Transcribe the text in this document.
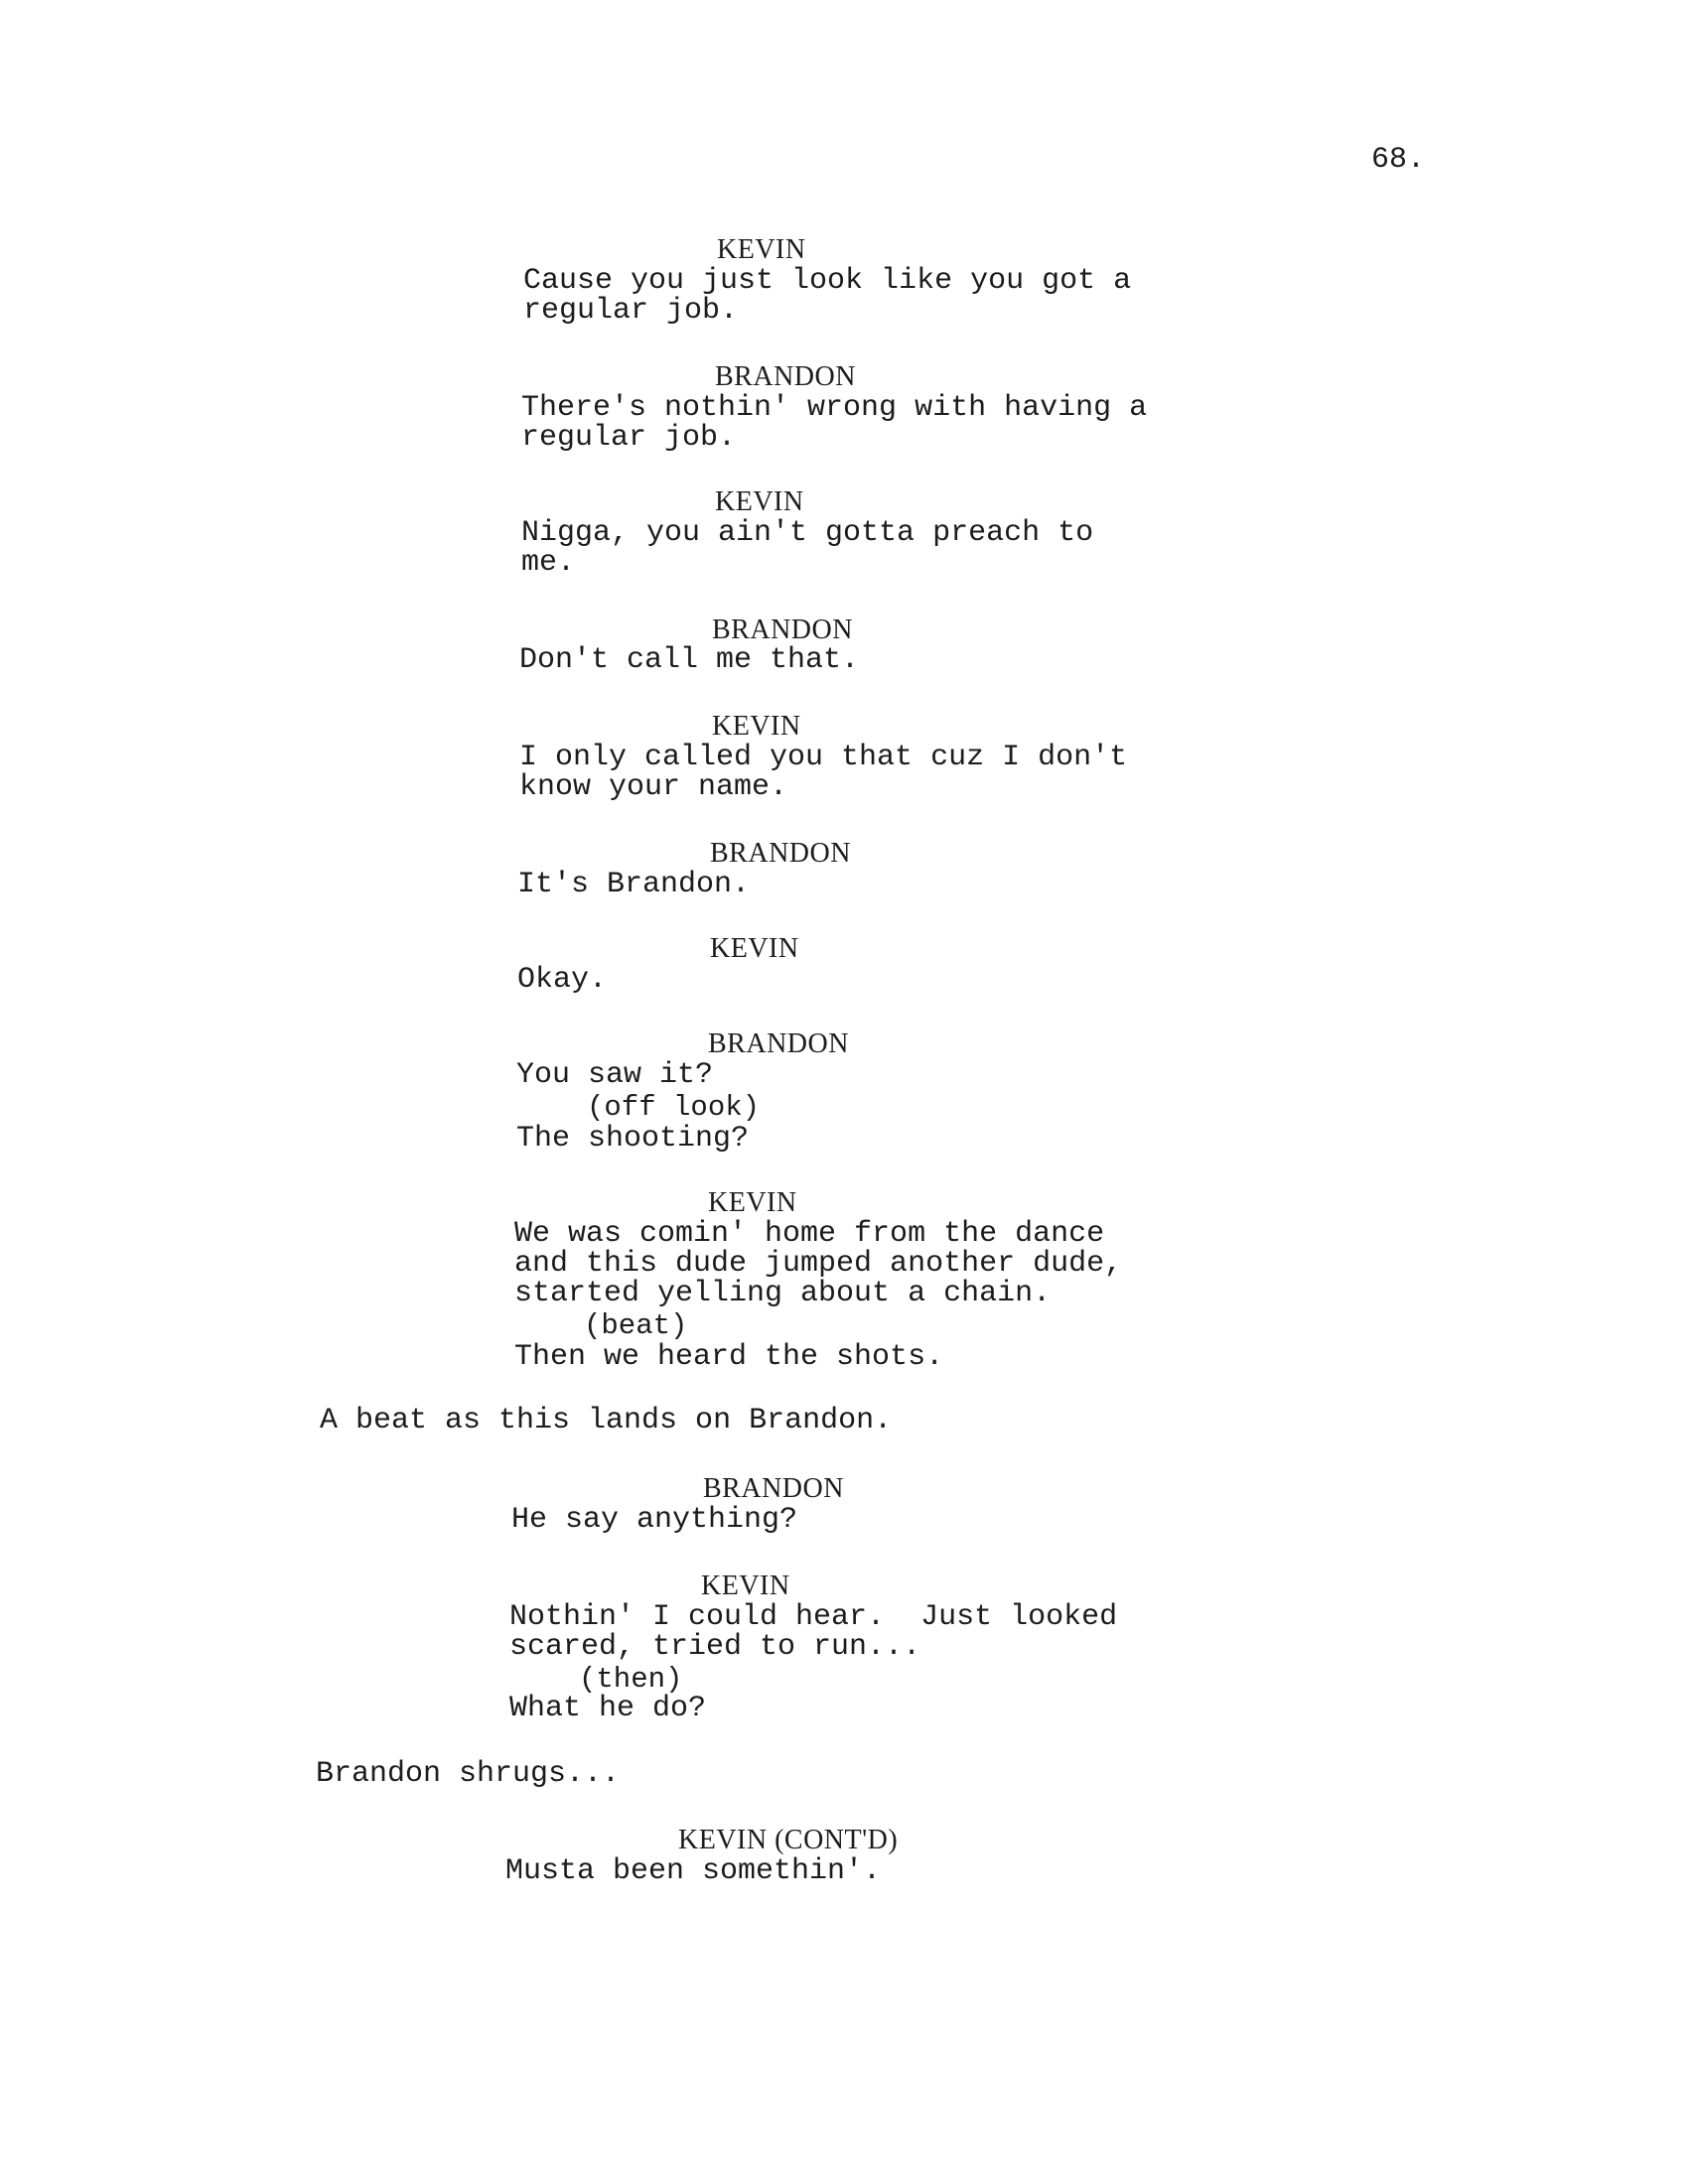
68.
KEVIN
Cause you just look like you got a
regular job.
BRANDON
There's nothin' wrong with having a
regular job.
KEVIN
Nigga, you ain't gotta preach to
me.
BRANDON
Don't call me that.
KEVIN
I only called you that cuz I don't
know your name.
BRANDON
It's Brandon.
KEVIN
Okay.
BRANDON
You saw it?
(off look)
The shooting?
KEVIN
We was comin' home from the dance
and this dude jumped another dude,
started yelling about a chain.
(beat)
Then we heard the shots.
A beat as this lands on Brandon.
BRANDON
He say anything?
KEVIN
Nothin' I could hear.  Just looked
scared, tried to run...
(then)
What he do?
Brandon shrugs...
KEVIN (CONT'D)
Musta been somethin'.
